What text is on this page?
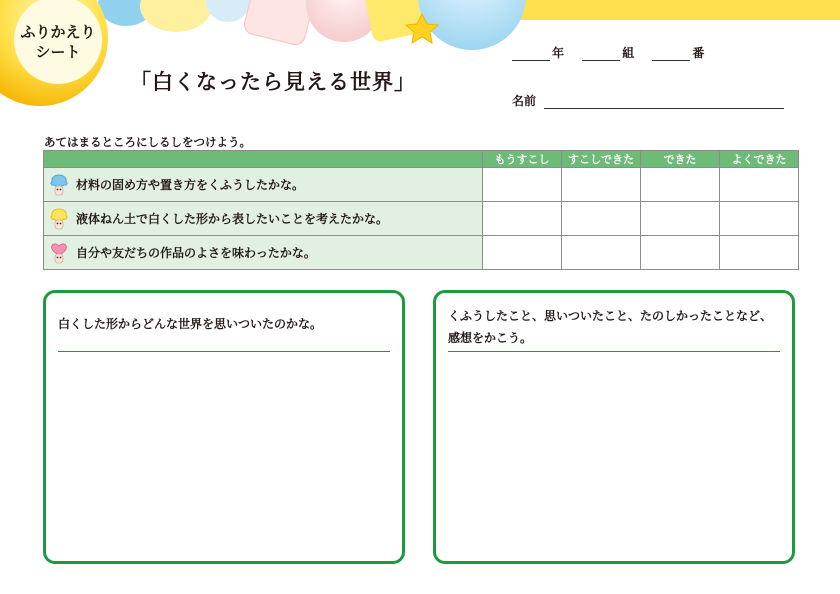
ふりかえり
シート
「白くなったら見える世界」
年	組	番
名前
あてはまるところにしるしをつけよう。
	もうすこし	すこしできた	できた	よくできた

材料の固め方や置き方をくふうしたかな。				

液体ねん土で白くした形から表したいことを考えたかな。				

自分や友だちの作品のよさを味わったかな。				

白くした形からどんな世界を思いついたのかな。
くふうしたこと、思いついたこと、たのしかったことなど、感想をかこう。
